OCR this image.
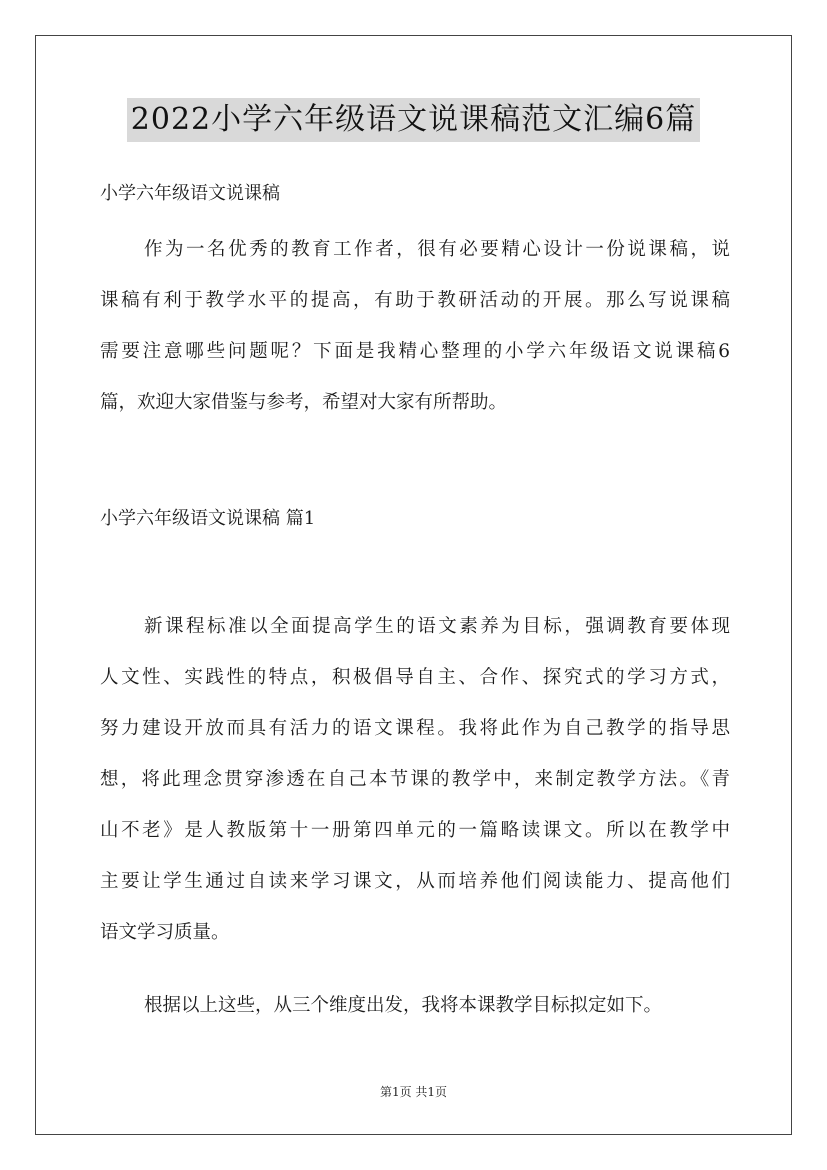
2022小学六年级语文说课稿范文汇编6篇
小学六年级语文说课稿
作为一名优秀的教育工作者，很有必要精心设计一份说课稿，说
课稿有利于教学水平的提高，有助于教研活动的开展。那么写说课稿
需要注意哪些问题呢？下面是我精心整理的小学六年级语文说课稿6
篇，欢迎大家借鉴与参考，希望对大家有所帮助。
小学六年级语文说课稿 篇1
新课程标准以全面提高学生的语文素养为目标，强调教育要体现
人文性、实践性的特点，积极倡导自主、合作、探究式的学习方式，
努力建设开放而具有活力的语文课程。我将此作为自己教学的指导思
想，将此理念贯穿渗透在自己本节课的教学中，来制定教学方法。《青
山不老》是人教版第十一册第四单元的一篇略读课文。所以在教学中
主要让学生通过自读来学习课文，从而培养他们阅读能力、提高他们
语文学习质量。
根据以上这些，从三个维度出发，我将本课教学目标拟定如下。
第1页 共1页
